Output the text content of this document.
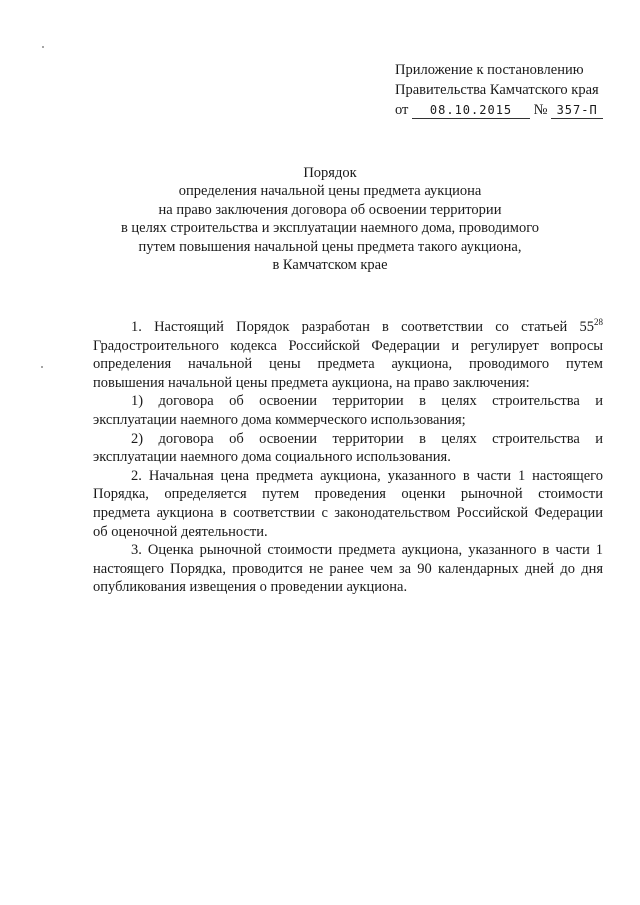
Приложение к постановлению
Правительства Камчатского края
от 08.10.2015 № 357-П
Порядок
определения начальной цены предмета аукциона
на право заключения договора об освоении территории
в целях строительства и эксплуатации наемного дома, проводимого
путем повышения начальной цены предмета такого аукциона,
в Камчатском крае
1. Настоящий Порядок разработан в соответствии со статьей $55^{28}$
Градостроительного кодекса Российской Федерации и регулирует вопросы
определения начальной цены предмета аукциона, проводимого путем
повышения начальной цены предмета аукциона, на право заключения:
1) договора об освоении территории в целях строительства и
эксплуатации наемного дома коммерческого использования;
2) договора об освоении территории в целях строительства и
эксплуатации наемного дома социального использования.
2. Начальная цена предмета аукциона, указанного в части 1 настоящего
Порядка, определяется путем проведения оценки рыночной стоимости
предмета аукциона в соответствии с законодательством Российской Федерации
об оценочной деятельности.
3. Оценка рыночной стоимости предмета аукциона, указанного в части 1
настоящего Порядка, проводится не ранее чем за 90 календарных дней до дня
опубликования извещения о проведении аукциона.
